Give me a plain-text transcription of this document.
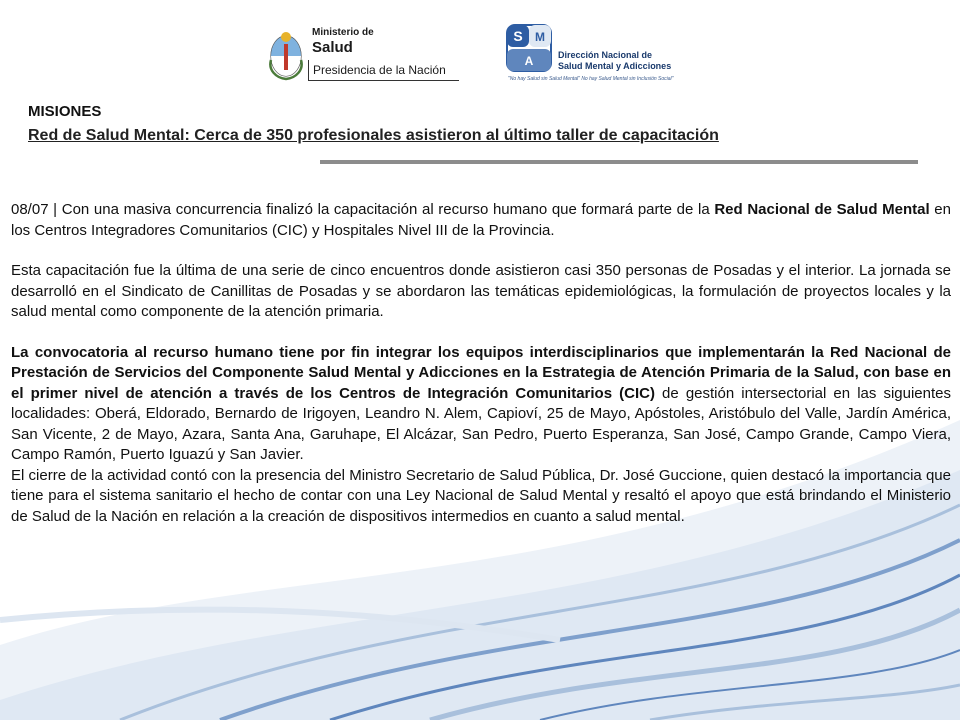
Ministerio de
Salud
Presidencia de la Nación
S M
A	Dirección Nacional de
Salud Mental y Adicciones
"No hay Salud sin Salud Mental" No hay Salud Mental sin Inclusión Social"
MISIONES
Red de Salud Mental: Cerca de 350 profesionales asistieron al último taller de capacitación

08/07 | Con una masiva concurrencia finalizó la capacitación al recurso humano que formará parte de la Red Nacional de Salud Mental en los Centros Integradores Comunitarios (CIC) y Hospitales Nivel III de la Provincia.

Esta capacitación fue la última de una serie de cinco encuentros donde asistieron casi 350 personas de Posadas y el interior. La jornada se desarrolló en el Sindicato de Canillitas de Posadas y se abordaron las temáticas epidemiológicas, la formulación de proyectos locales y la salud mental como componente de la atención primaria.

La convocatoria al recurso humano tiene por fin integrar los equipos interdisciplinarios que implementarán la Red Nacional de Prestación de Servicios del Componente Salud Mental y Adicciones en la Estrategia de Atención Primaria de la Salud, con base en el primer nivel de atención a través de los Centros de Integración Comunitarios (CIC) de gestión intersectorial en las siguientes localidades: Oberá, Eldorado, Bernardo de Irigoyen, Leandro N. Alem, Capioví, 25 de Mayo, Apóstoles, Aristóbulo del Valle, Jardín América, San Vicente, 2 de Mayo, Azara, Santa Ana, Garuhape, El Alcázar, San Pedro, Puerto Esperanza, San José, Campo Grande, Campo Viera, Campo Ramón, Puerto Iguazú y San Javier.

El cierre de la actividad contó con la presencia del Ministro Secretario de Salud Pública, Dr. José Guccione, quien destacó la importancia que tiene para el sistema sanitario el hecho de contar con una Ley Nacional de Salud Mental y resaltó el apoyo que está brindando el Ministerio de Salud de la Nación en relación a la creación de dispositivos intermedios en cuanto a salud mental.
